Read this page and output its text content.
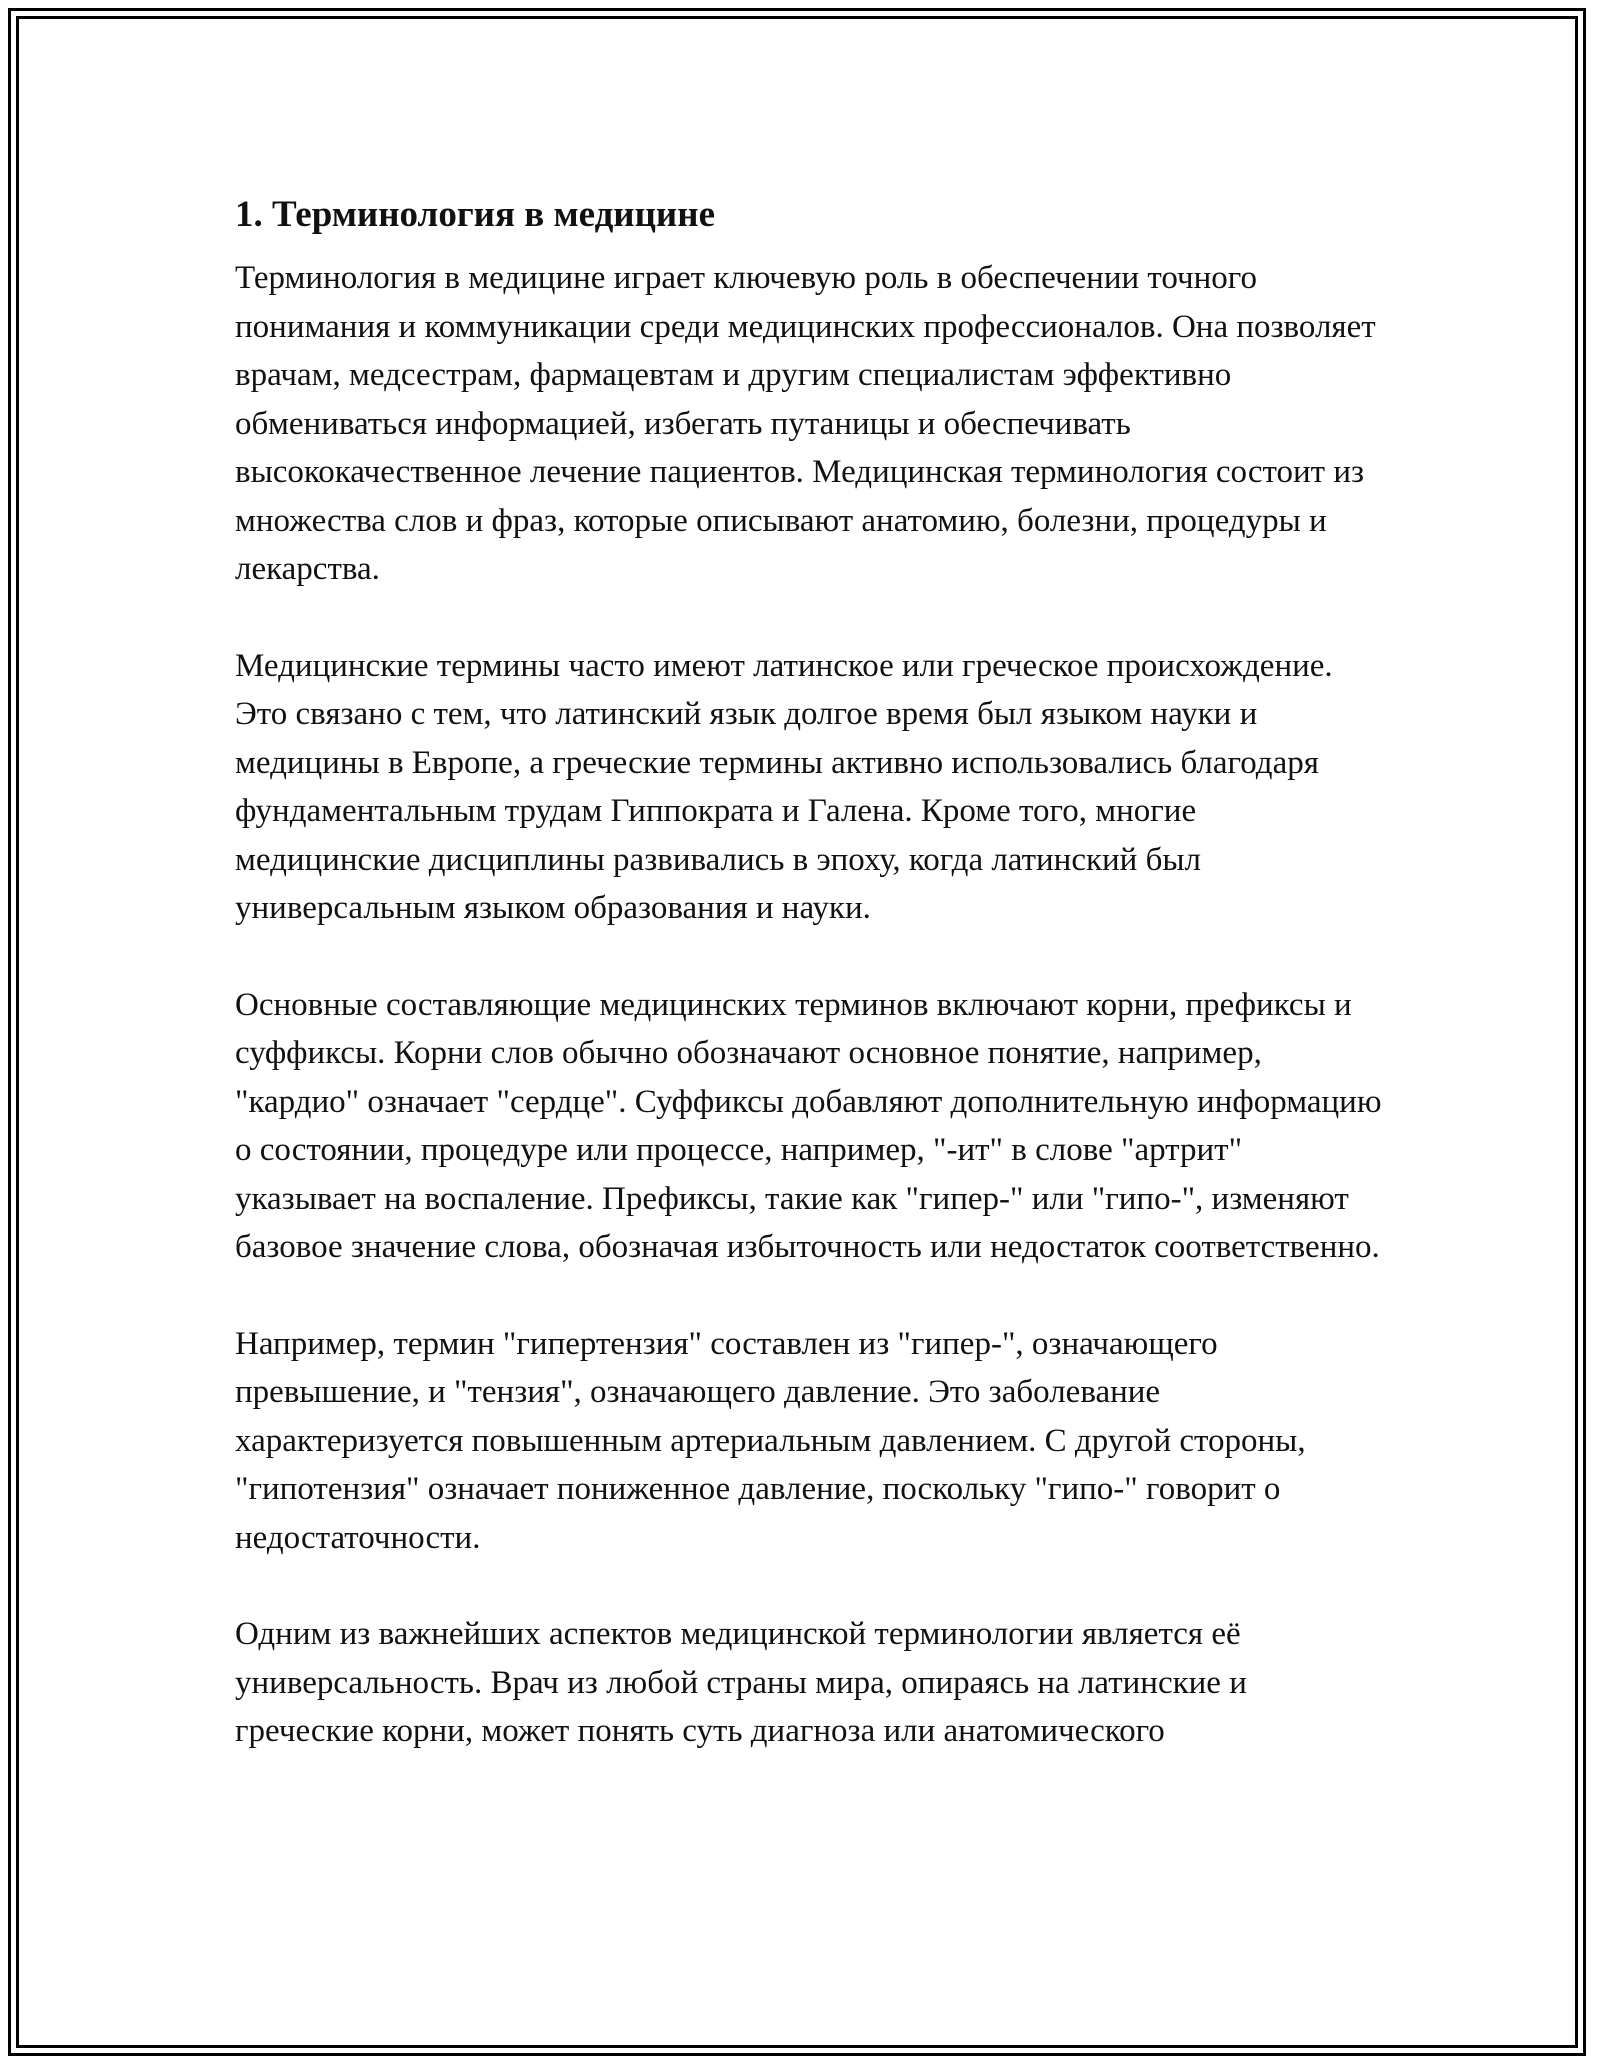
1. Терминология в медицине

Терминология в медицине играет ключевую роль в обеспечении точного понимания и коммуникации среди медицинских профессионалов. Она позволяет врачам, медсестрам, фармацевтам и другим специалистам эффективно обмениваться информацией, избегать путаницы и обеспечивать высококачественное лечение пациентов. Медицинская терминология состоит из множества слов и фраз, которые описывают анатомию, болезни, процедуры и лекарства.

Медицинские термины часто имеют латинское или греческое происхождение. Это связано с тем, что латинский язык долгое время был языком науки и медицины в Европе, а греческие термины активно использовались благодаря фундаментальным трудам Гиппократа и Галена. Кроме того, многие медицинские дисциплины развивались в эпоху, когда латинский был универсальным языком образования и науки.

Основные составляющие медицинских терминов включают корни, префиксы и суффиксы. Корни слов обычно обозначают основное понятие, например, "кардио" означает "сердце". Суффиксы добавляют дополнительную информацию о состоянии, процедуре или процессе, например, "-ит" в слове "артрит" указывает на воспаление. Префиксы, такие как "гипер-" или "гипо-", изменяют базовое значение слова, обозначая избыточность или недостаток соответственно.

Например, термин "гипертензия" составлен из "гипер-", означающего превышение, и "тензия", означающего давление. Это заболевание характеризуется повышенным артериальным давлением. С другой стороны, "гипотензия" означает пониженное давление, поскольку "гипо-" говорит о недостаточности.

Одним из важнейших аспектов медицинской терминологии является её универсальность. Врач из любой страны мира, опираясь на латинские и греческие корни, может понять суть диагноза или анатомического
